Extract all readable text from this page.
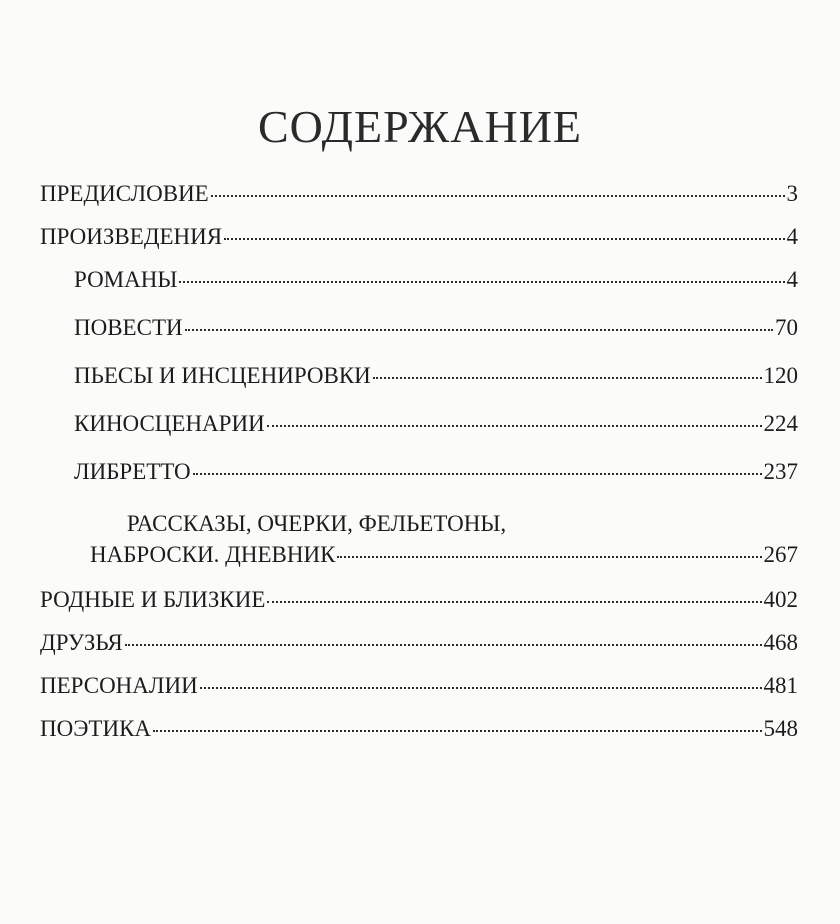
СОДЕРЖАНИЕ
ПРЕДИСЛОВИЕ	3
ПРОИЗВЕДЕНИЯ	4
РОМАНЫ	4
ПОВЕСТИ	70
ПЬЕСЫ И ИНСЦЕНИРОВКИ	120
КИНОСЦЕНАРИИ	224
ЛИБРЕТТО	237
РАССКАЗЫ, ОЧЕРКИ, ФЕЛЬЕТОНЫ,
НАБРОСКИ. ДНЕВНИК	267
РОДНЫЕ И БЛИЗКИЕ	402
ДРУЗЬЯ	468
ПЕРСОНАЛИИ	481
ПОЭТИКА	548
